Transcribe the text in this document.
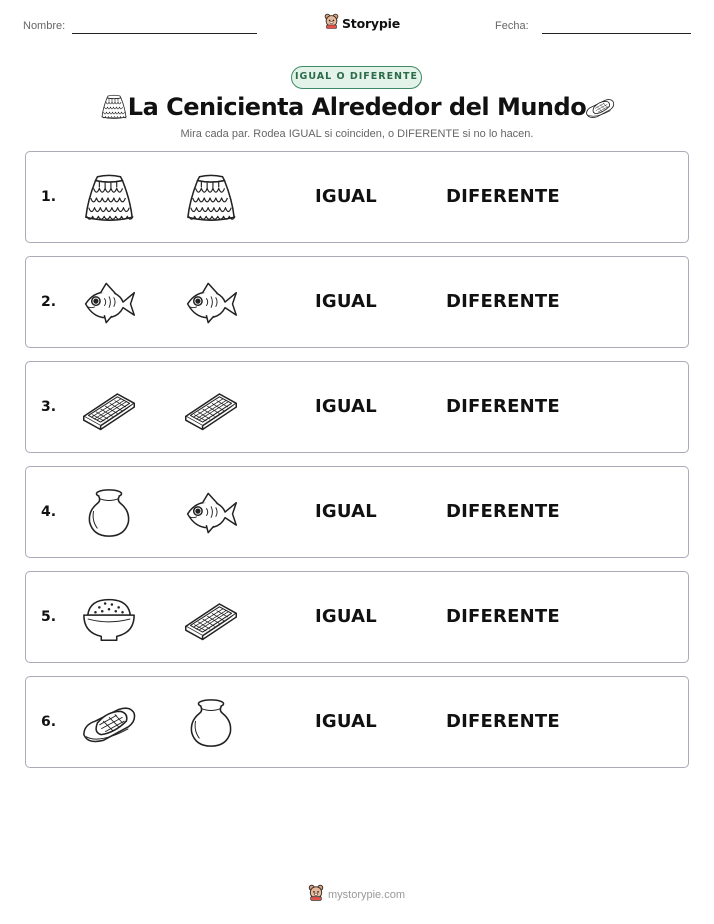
Nombre:	Storypie	Fecha:
IGUAL O DIFERENTE
La Cenicienta Alrededor del Mundo
Mira cada par. Rodea IGUAL si coinciden, o DIFERENTE si no lo hacen.
1.	IGUAL	DIFERENTE
2.	IGUAL	DIFERENTE
3.	IGUAL	DIFERENTE
4.	IGUAL	DIFERENTE
5.	IGUAL	DIFERENTE
6.	IGUAL	DIFERENTE
mystorypie.com
